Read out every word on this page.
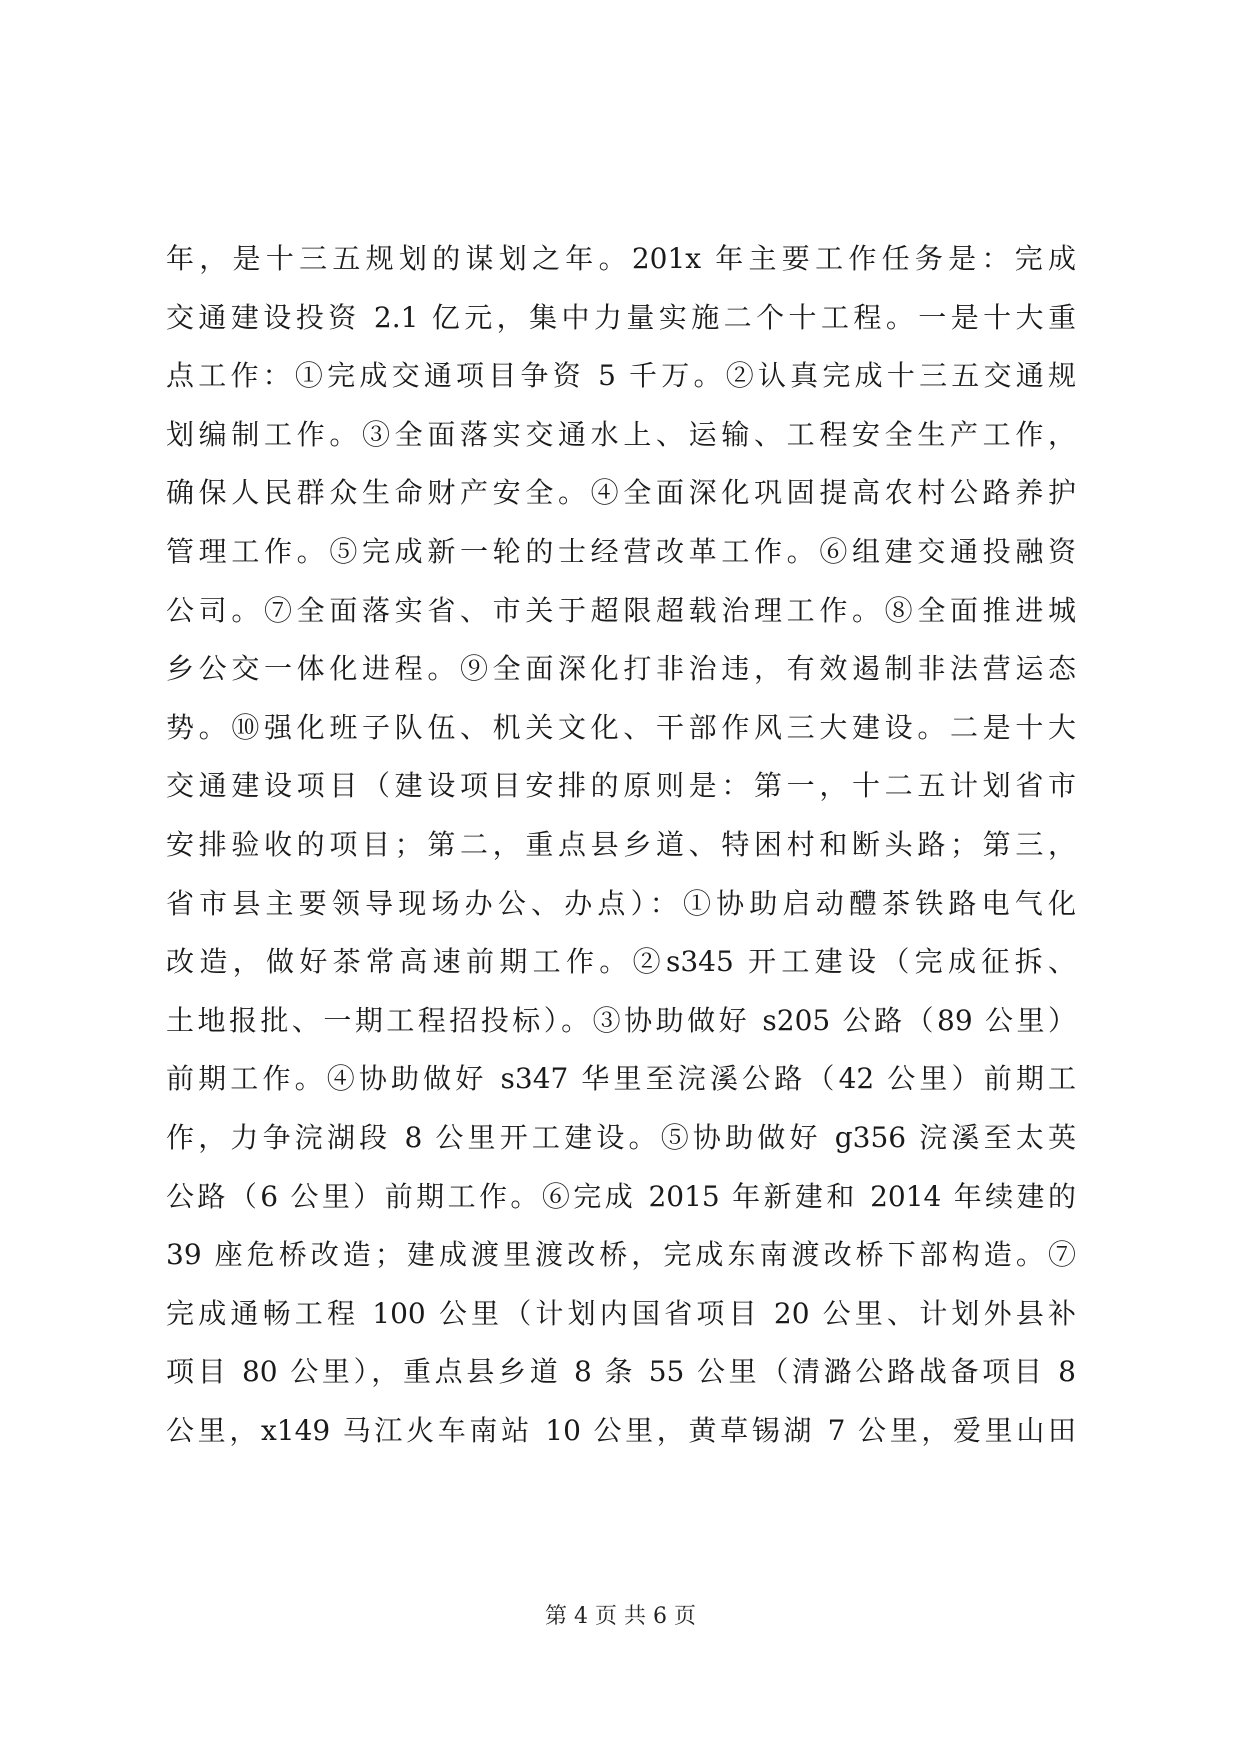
年，是十三五规划的谋划之年。201x 年主要工作任务是：完成
交通建设投资 2.1 亿元，集中力量实施二个十工程。一是十大重
点工作：①完成交通项目争资 5 千万。②认真完成十三五交通规
划编制工作。③全面落实交通水上、运输、工程安全生产工作，
确保人民群众生命财产安全。④全面深化巩固提高农村公路养护
管理工作。⑤完成新一轮的士经营改革工作。⑥组建交通投融资
公司。⑦全面落实省、市关于超限超载治理工作。⑧全面推进城
乡公交一体化进程。⑨全面深化打非治违，有效遏制非法营运态
势。⑩强化班子队伍、机关文化、干部作风三大建设。二是十大
交通建设项目（建设项目安排的原则是：第一，十二五计划省市
安排验收的项目；第二，重点县乡道、特困村和断头路；第三，
省市县主要领导现场办公、办点）：①协助启动醴茶铁路电气化
改造，做好茶常高速前期工作。②s345 开工建设（完成征拆、
土地报批、一期工程招投标）。③协助做好 s205 公路（89 公里）
前期工作。④协助做好 s347 华里至浣溪公路（42 公里）前期工
作，力争浣湖段 8 公里开工建设。⑤协助做好 g356 浣溪至太英
公路（6 公里）前期工作。⑥完成 2015 年新建和 2014 年续建的
39 座危桥改造；建成渡里渡改桥，完成东南渡改桥下部构造。⑦
完成通畅工程 100 公里（计划内国省项目 20 公里、计划外县补
项目 80 公里），重点县乡道 8 条 55 公里（清潞公路战备项目 8
公里，x149 马江火车南站 10 公里，黄草锡湖 7 公里，爱里山田
第 4 页 共 6 页
